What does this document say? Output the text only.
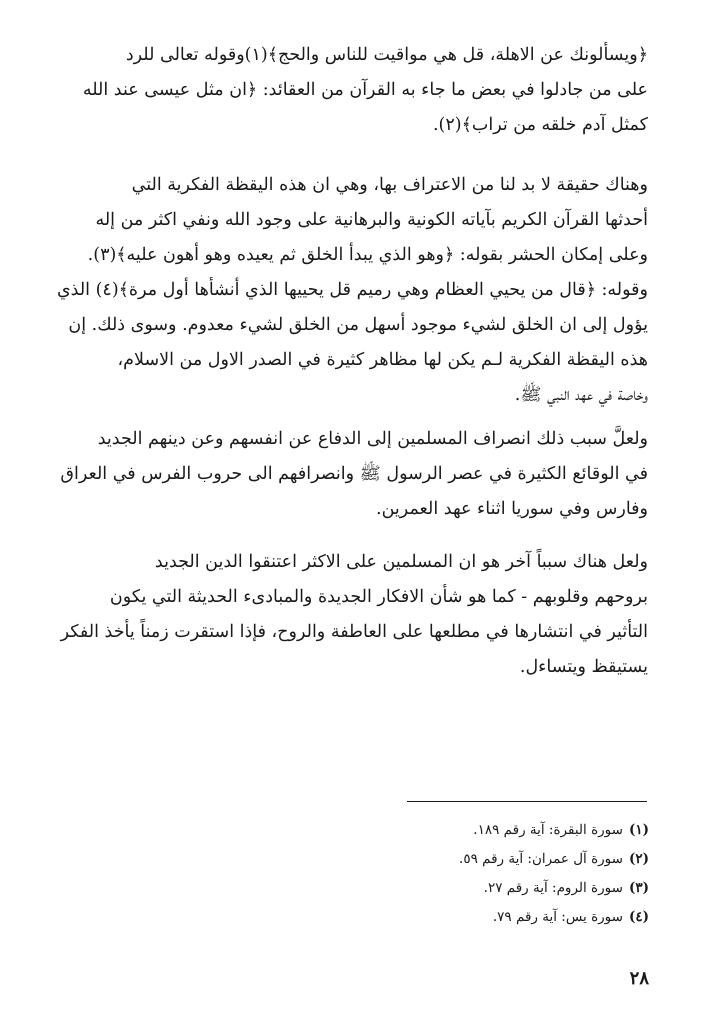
﴿ويسألونك عن الاهلة، قل هي مواقيت للناس والحج﴾(١)وقوله تعالى للرد
على من جادلوا في بعض ما جاء به القرآن من العقائد: ﴿ان مثل عيسى عند الله
كمثل آدم خلقه من تراب﴾(٢).
وهناك حقيقة لا بد لنا من الاعتراف بها، وهي ان هذه اليقظة الفكرية التي
أحدثها القرآن الكريم بآياته الكونية والبرهانية على وجود الله ونفي اكثر من إله
وعلى إمكان الحشر بقوله: ﴿وهو الذي يبدأ الخلق ثم يعيده وهو أهون عليه﴾(٣).
وقوله: ﴿قال من يحيي العظام وهي رميم قل يحييها الذي أنشأها أول مرة﴾(٤) الذي
يؤول إلى ان الخلق لشيء موجود أسهل من الخلق لشيء معدوم. وسوى ذلك. إن
هذه اليقظة الفكرية لـم يكن لها مظاهر كثيرة في الصدر الاول من الاسلام،
وخاصة في عهد النبي ﷺ.
ولعلَّ سبب ذلك انصراف المسلمين إلى الدفاع عن انفسهم وعن دينهم الجديد
في الوقائع الكثيرة في عصر الرسول ﷺ وانصرافهم الى حروب الفرس في العراق
وفارس وفي سوريا اثناء عهد العمرين.
ولعل هناك سبباً آخر هو ان المسلمين على الاكثر اعتنقوا الدين الجديد
بروحهم وقلوبهم - كما هو شأن الافكار الجديدة والمبادىء الحديثة التي يكون
التأثير في انتشارها في مطلعها على العاطفة والروح، فإذا استقرت زمناً يأخذ الفكر
يستيقظ ويتساءل.
(١)سورة البقرة: آية رقم ١٨٩.
(٢)سورة آل عمران: آية رقم ٥٩.
(٣)سورة الروم: آية رقم ٢٧.
(٤)سورة يس: آية رقم ٧٩.
٢٨
